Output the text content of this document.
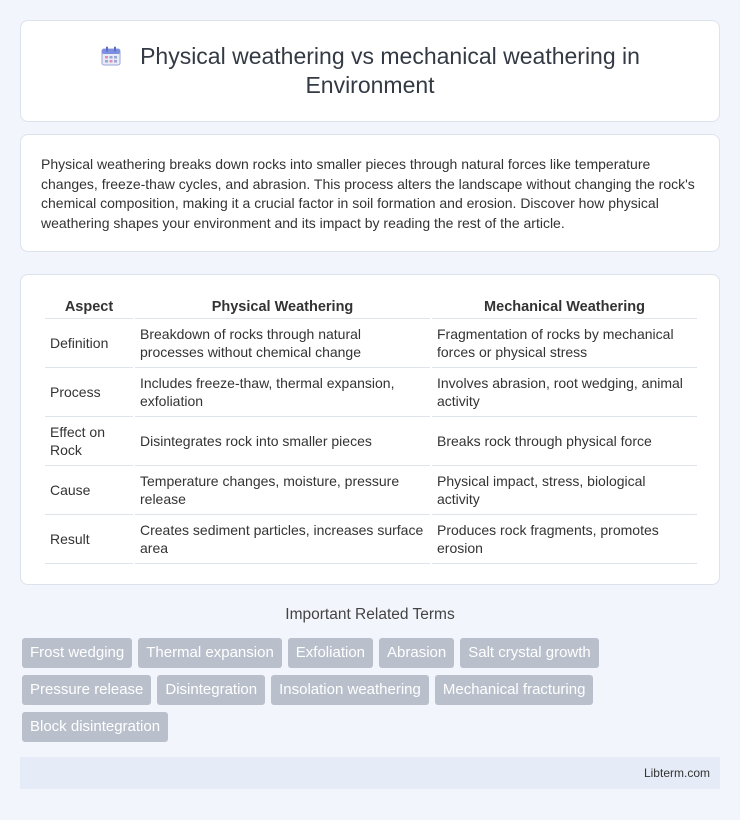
Physical weathering vs mechanical weathering in Environment

Physical weathering breaks down rocks into smaller pieces through natural forces like temperature changes, freeze-thaw cycles, and abrasion. This process alters the landscape without changing the rock's chemical composition, making it a crucial factor in soil formation and erosion. Discover how physical weathering shapes your environment and its impact by reading the rest of the article.

Aspect	Physical Weathering	Mechanical Weathering
Definition	Breakdown of rocks through natural processes without chemical change	Fragmentation of rocks by mechanical forces or physical stress
Process	Includes freeze-thaw, thermal expansion, exfoliation	Involves abrasion, root wedging, animal activity
Effect on Rock	Disintegrates rock into smaller pieces	Breaks rock through physical force
Cause	Temperature changes, moisture, pressure release	Physical impact, stress, biological activity
Result	Creates sediment particles, increases surface area	Produces rock fragments, promotes erosion
Important Related Terms
Frost wedging	Thermal expansion	Exfoliation	Abrasion	Salt crystal growth
Pressure release	Disintegration	Insolation weathering	Mechanical fracturing
Block disintegration
Libterm.com
